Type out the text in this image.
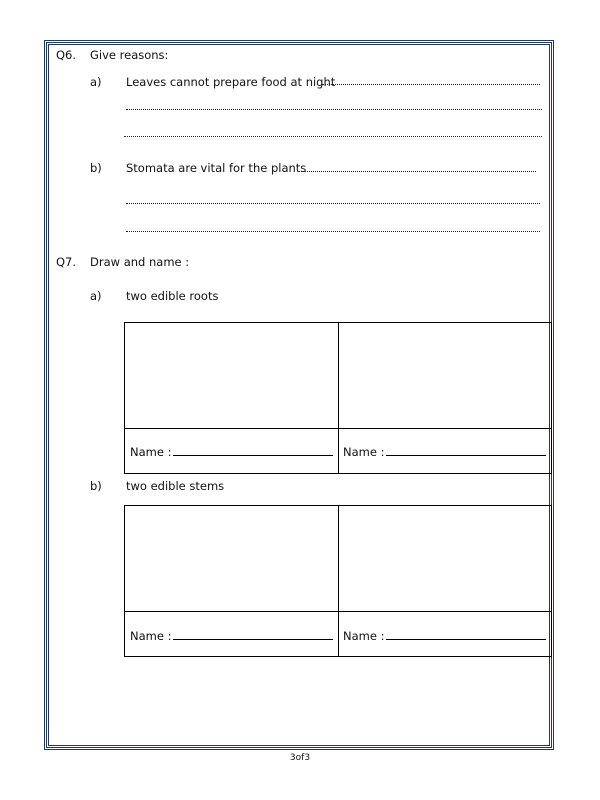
Q6. Give reasons:
a) Leaves cannot prepare food at night
b) Stomata are vital for the plants
Q7. Draw and name :
a) two edible roots
Name :	Name :
b) two edible stems
Name :	Name :
3of3
